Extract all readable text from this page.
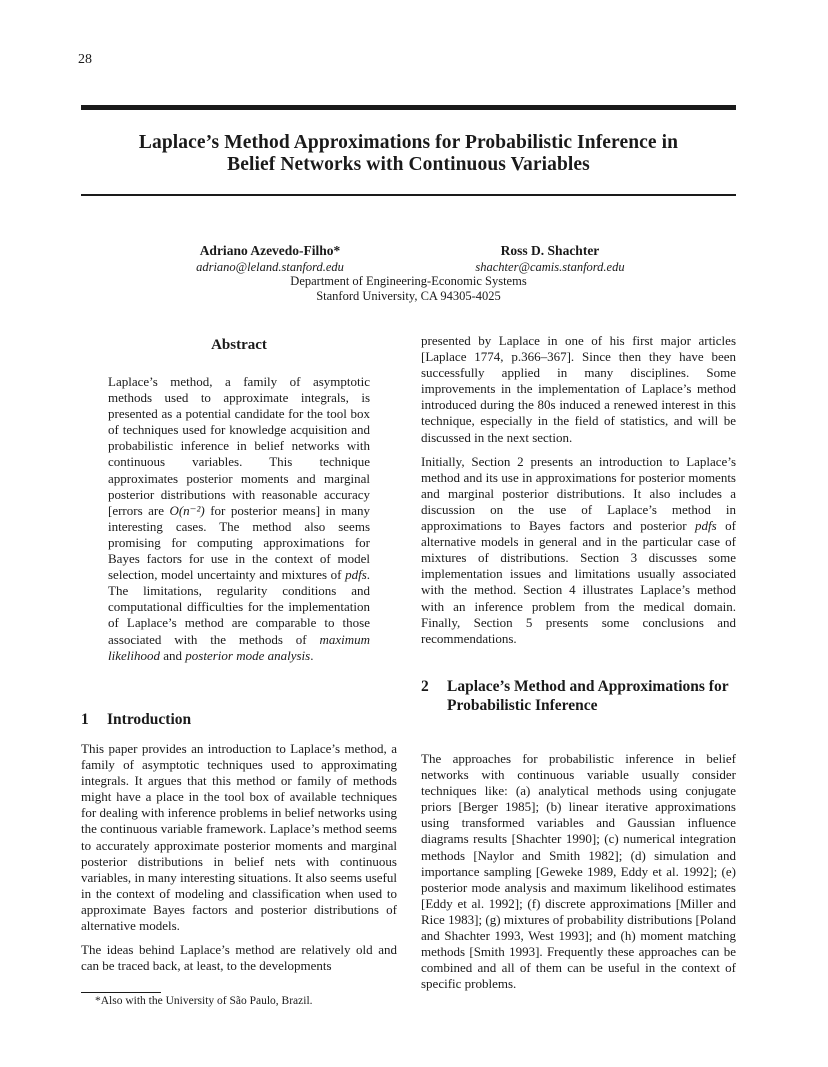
28
Laplace’s Method Approximations for Probabilistic Inference in
Belief Networks with Continuous Variables
Adriano Azevedo-Filho*
adriano@leland.stanford.edu
Ross D. Shachter
shachter@camis.stanford.edu
Department of Engineering-Economic Systems
Stanford University, CA 94305-4025
Abstract
Laplace’s method, a family of asymptotic methods used to approximate integrals, is presented as a potential candidate for the tool box of techniques used for knowledge acquisition and probabilistic inference in belief networks with continuous variables. This technique approximates posterior moments and marginal posterior distributions with reasonable accuracy [errors are O(n⁻²) for posterior means] in many interesting cases. The method also seems promising for computing approximations for Bayes factors for use in the context of model selection, model uncertainty and mixtures of pdfs. The limitations, regularity conditions and computational difficulties for the implementation of Laplace’s method are comparable to those associated with the methods of maximum likelihood and posterior mode analysis.
1 Introduction

This paper provides an introduction to Laplace’s method, a family of asymptotic techniques used to approximating integrals. It argues that this method or family of methods might have a place in the tool box of available techniques for dealing with inference problems in belief networks using the continuous variable framework. Laplace’s method seems to accurately approximate posterior moments and marginal posterior distributions in belief nets with continuous variables, in many interesting situations. It also seems useful in the context of modeling and classification when used to approximate Bayes factors and posterior distributions of alternative models.

The ideas behind Laplace’s method are relatively old and can be traced back, at least, to the developments

presented by Laplace in one of his first major articles [Laplace 1774, p.366–367]. Since then they have been successfully applied in many disciplines. Some improvements in the implementation of Laplace’s method introduced during the 80s induced a renewed interest in this technique, especially in the field of statistics, and will be discussed in the next section.

Initially, Section 2 presents an introduction to Laplace’s method and its use in approximations for posterior moments and marginal posterior distributions. It also includes a discussion on the use of Laplace’s method in approximations to Bayes factors and posterior pdfs of alternative models in general and in the particular case of mixtures of distributions. Section 3 discusses some implementation issues and limitations usually associated with the method. Section 4 illustrates Laplace’s method with an inference problem from the medical domain. Finally, Section 5 presents some conclusions and recommendations.

2	Laplace’s Method and Approximations for Probabilistic Inference

The approaches for probabilistic inference in belief networks with continuous variable usually consider techniques like: (a) analytical methods using conjugate priors [Berger 1985]; (b) linear iterative approximations using transformed variables and Gaussian influence diagrams results [Shachter 1990]; (c) numerical integration methods [Naylor and Smith 1982]; (d) simulation and importance sampling [Geweke 1989, Eddy et al. 1992]; (e) posterior mode analysis and maximum likelihood estimates [Eddy et al. 1992]; (f) discrete approximations [Miller and Rice 1983]; (g) mixtures of probability distributions [Poland and Shachter 1993, West 1993]; and (h) moment matching methods [Smith 1993]. Frequently these approaches can be combined and all of them can be useful in the context of specific problems.

*Also with the University of São Paulo, Brazil.
